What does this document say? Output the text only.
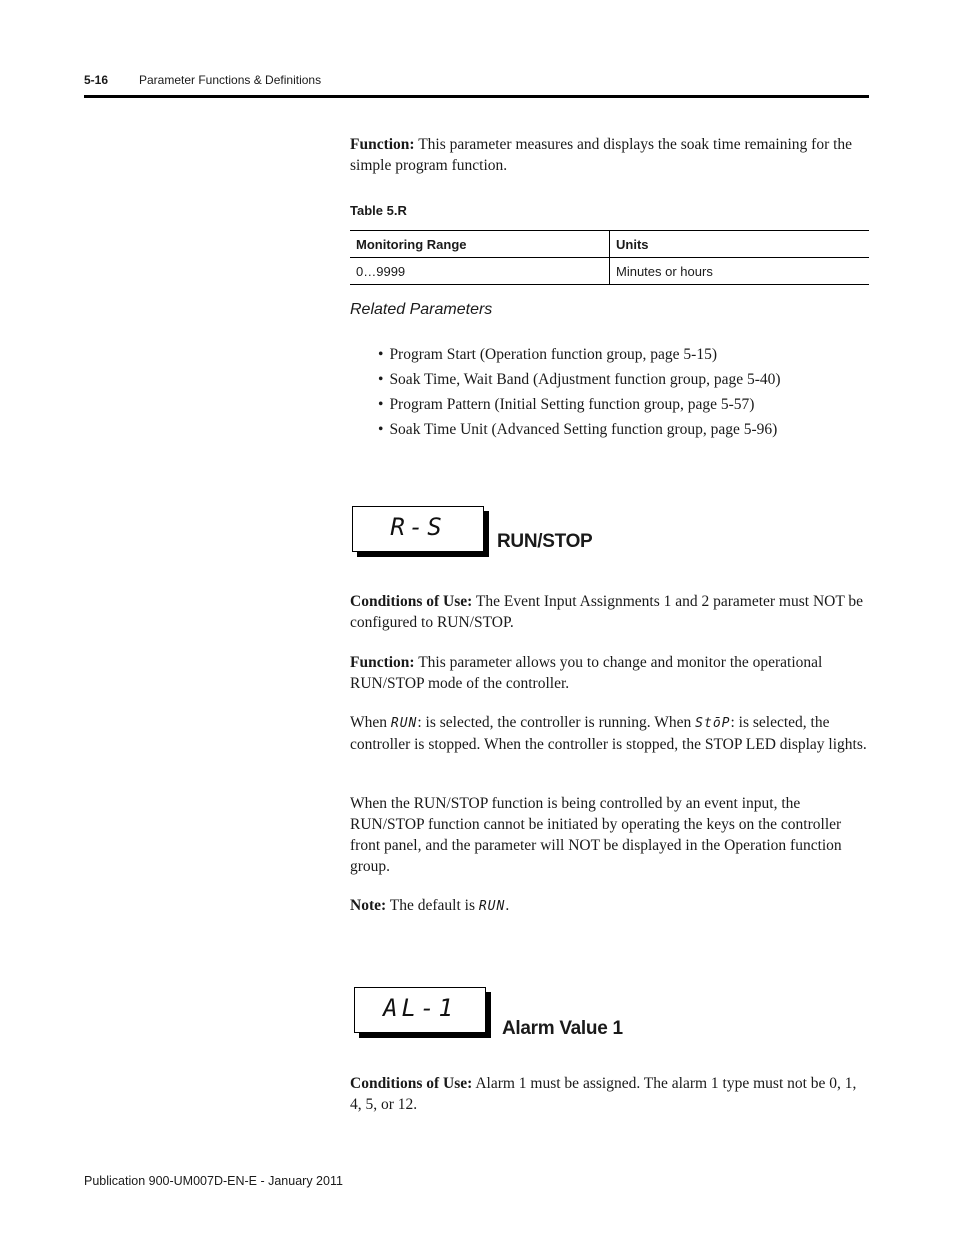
5-16	Parameter Functions & Definitions
Function: This parameter measures and displays the soak time remaining for the simple program function.
Table 5.R
Monitoring Range	Units
0…9999	Minutes or hours
Related Parameters
• Program Start (Operation function group, page 5-15)
• Soak Time, Wait Band (Adjustment function group, page 5-40)
• Program Pattern (Initial Setting function group, page 5-57)
• Soak Time Unit (Advanced Setting function group, page 5-96)
R-S
RUN/STOP
Conditions of Use: The Event Input Assignments 1 and 2 parameter must NOT be configured to RUN/STOP.
Function: This parameter allows you to change and monitor the operational RUN/STOP mode of the controller.
When RUN: is selected, the controller is running. When StōP: is selected, the controller is stopped. When the controller is stopped, the STOP LED display lights.
When the RUN/STOP function is being controlled by an event input, the RUN/STOP function cannot be initiated by operating the keys on the controller front panel, and the parameter will NOT be displayed in the Operation function group.
Note: The default is RUN.
AL-1
Alarm Value 1
Conditions of Use: Alarm 1 must be assigned. The alarm 1 type must not be 0, 1, 4, 5, or 12.
Publication 900-UM007D-EN-E - January 2011
